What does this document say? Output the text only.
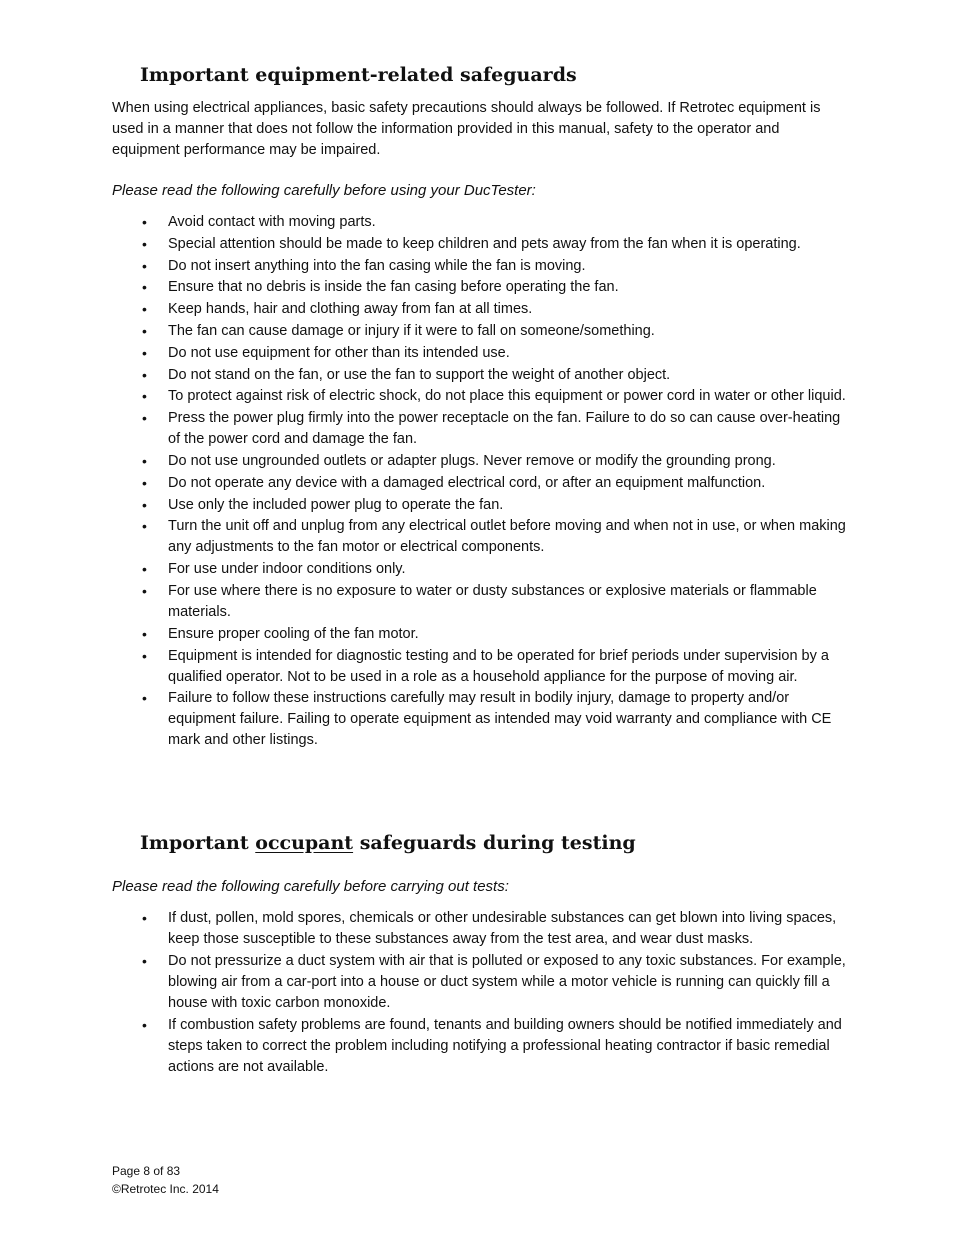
Important equipment-related safeguards

When using electrical appliances, basic safety precautions should always be followed. If Retrotec equipment is used in a manner that does not follow the information provided in this manual, safety to the operator and equipment performance may be impaired.

Please read the following carefully before using your DucTester:

• Avoid contact with moving parts.
• Special attention should be made to keep children and pets away from the fan when it is operating.
• Do not insert anything into the fan casing while the fan is moving.
• Ensure that no debris is inside the fan casing before operating the fan.
• Keep hands, hair and clothing away from fan at all times.
• The fan can cause damage or injury if it were to fall on someone/something.
• Do not use equipment for other than its intended use.
• Do not stand on the fan, or use the fan to support the weight of another object.
• To protect against risk of electric shock, do not place this equipment or power cord in water or other liquid.
• Press the power plug firmly into the power receptacle on the fan. Failure to do so can cause over-heating of the power cord and damage the fan.
• Do not use ungrounded outlets or adapter plugs. Never remove or modify the grounding prong.
• Do not operate any device with a damaged electrical cord, or after an equipment malfunction.
• Use only the included power plug to operate the fan.
• Turn the unit off and unplug from any electrical outlet before moving and when not in use, or when making any adjustments to the fan motor or electrical components.
• For use under indoor conditions only.
• For use where there is no exposure to water or dusty substances or explosive materials or flammable materials.
• Ensure proper cooling of the fan motor.
• Equipment is intended for diagnostic testing and to be operated for brief periods under supervision by a qualified operator. Not to be used in a role as a household appliance for the purpose of moving air.
• Failure to follow these instructions carefully may result in bodily injury, damage to property and/or equipment failure. Failing to operate equipment as intended may void warranty and compliance with CE mark and other listings.
Important occupant safeguards during testing

Please read the following carefully before carrying out tests:

• If dust, pollen, mold spores, chemicals or other undesirable substances can get blown into living spaces, keep those susceptible to these substances away from the test area, and wear dust masks.
• Do not pressurize a duct system with air that is polluted or exposed to any toxic substances. For example, blowing air from a car-port into a house or duct system while a motor vehicle is running can quickly fill a house with toxic carbon monoxide.
• If combustion safety problems are found, tenants and building owners should be notified immediately and steps taken to correct the problem including notifying a professional heating contractor if basic remedial actions are not available.
Page 8 of 83
©Retrotec Inc. 2014
